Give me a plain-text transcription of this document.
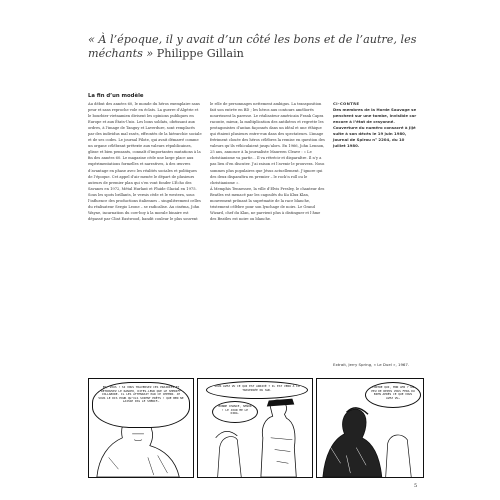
« À l’époque, il y avait d’un côté les bons et de l’autre, les méchants » Philippe Gillain
La fin d’un modèle

Au début des années 60, le monde du héros exemplaire sans peur et sans reproche vole en éclats. La guerre d’Algérie et le bourbier vietnamien divisent les opinions publiques en Europe et aux États-Unis. Les bons soldats, obéissant aux ordres, à l’image de Tanguy et Laverdure, sont remplacés par des individus mal rasés, effrontés de la hiérarchie sociale et de ses codes. Le journal Pilote, qui avait démarré comme un organe célébrant prétexte aux valeurs républicaines, glisse et bien pensants, connaît d’importantes mutations à la fin des années 60. Le magazine cède une large place aux expérimentations formelles et narratives, à des œuvres d’avantage en phase avec les réalités sociales et politiques de l’époque. Cet appel d’air menée le départ de plusieurs auteurs de premier plan qui s’en vont fonder L’Écho des Savanes en 1972, Métal Hurlant et Fluide Glacial en 1975. Sous les spots brillants, le vernis cède et le western, sous l’influence des productions italiennes – singulièrement celles du réalisateur Sergio Leone – se radicalise. Au cinéma, John Wayne, incarnation du cow-boy à la morale binaire est dépassé par Clint Eastwood, bandit couleur le plus souvent

le rôle de personnages nettement ambigus. La transposition fait son entrée en BD ; les héros aux contours améliorés nourrissent la paresse. Le réalisateur américain Frank Capra raconte, mieux, la multiplication des antihéros et regrette les protagonistes d’antan façonnés dans un idéal et une éthique qui étaient plusieurs entre-eux dans des spectateurs. L’image frériment clouée des héros célèbres la remise en question des valeurs qu’ils véhiculaient jusqu’alors. En 1966, John Lennon, 25 ans, annonce à la journaliste Maureen Cleave : « Le christianisme va partir… Il va rétrécir et disparaître. Il n’y a pas lieu d’en discuter. J’ai raison et l’avenir le prouvera. Nous sommes plus populaires que Jésus actuellement. J’ignore qui des deux disparaîtra en premier – le rock’n roll ou le christianisme ».

À Memphis Tennessee, la ville d’Elvis Presley, le chanteur des Beatles est menacé par les cagoulés du Ku Klux Klan, mouvement prônant la suprématie de la race blanche, tristement célèbre pour son lynchage de noirs. Le Grand Wizard, chef du Klan, ne parvient plus à distinguer et l’âme des Beatles est noire ou blanche.

CI-CONTRE
Des membres de la Horde Sauvage se penchent sur une tombe, invisible car encore à l’état de crayonné. Couverture du numéro consacré à Jijé suite à son décès le 19 juin 1980, Journal de Spirou n° 2204, du 10 juillet 1980.
Extrait, Jerry Spring, « Le Duel », 1967.
EH, VOUS ! SI VOUS TRAVERSEZ CES PRAIRIES ET RETROUVEZ LE RANCHO, DITES-LEUR QUE LE SHERIFF COLLABORE. IL LES ATTENDAIT PAR CE CHEMIN. JE VOUS LE DIS POUR QU’ILS SOIENT PRÊTS ! QUE BEN NE LAISSE PAS LE SHÉRIF…
VOUS AVEZ VU CE QUI EST ARRIVÉ ? IL EST VENU À LA TRAVERSÉE DU SUD.
BONNE CHANCE, SEÑOR ! LE JOUR ME LE DIRA.
CONTRE QUI, MON AMI ? UN PEU DE REPOS VOUS FERA DU BIEN APRÈS CE QUE VOUS AVEZ VU…
5
